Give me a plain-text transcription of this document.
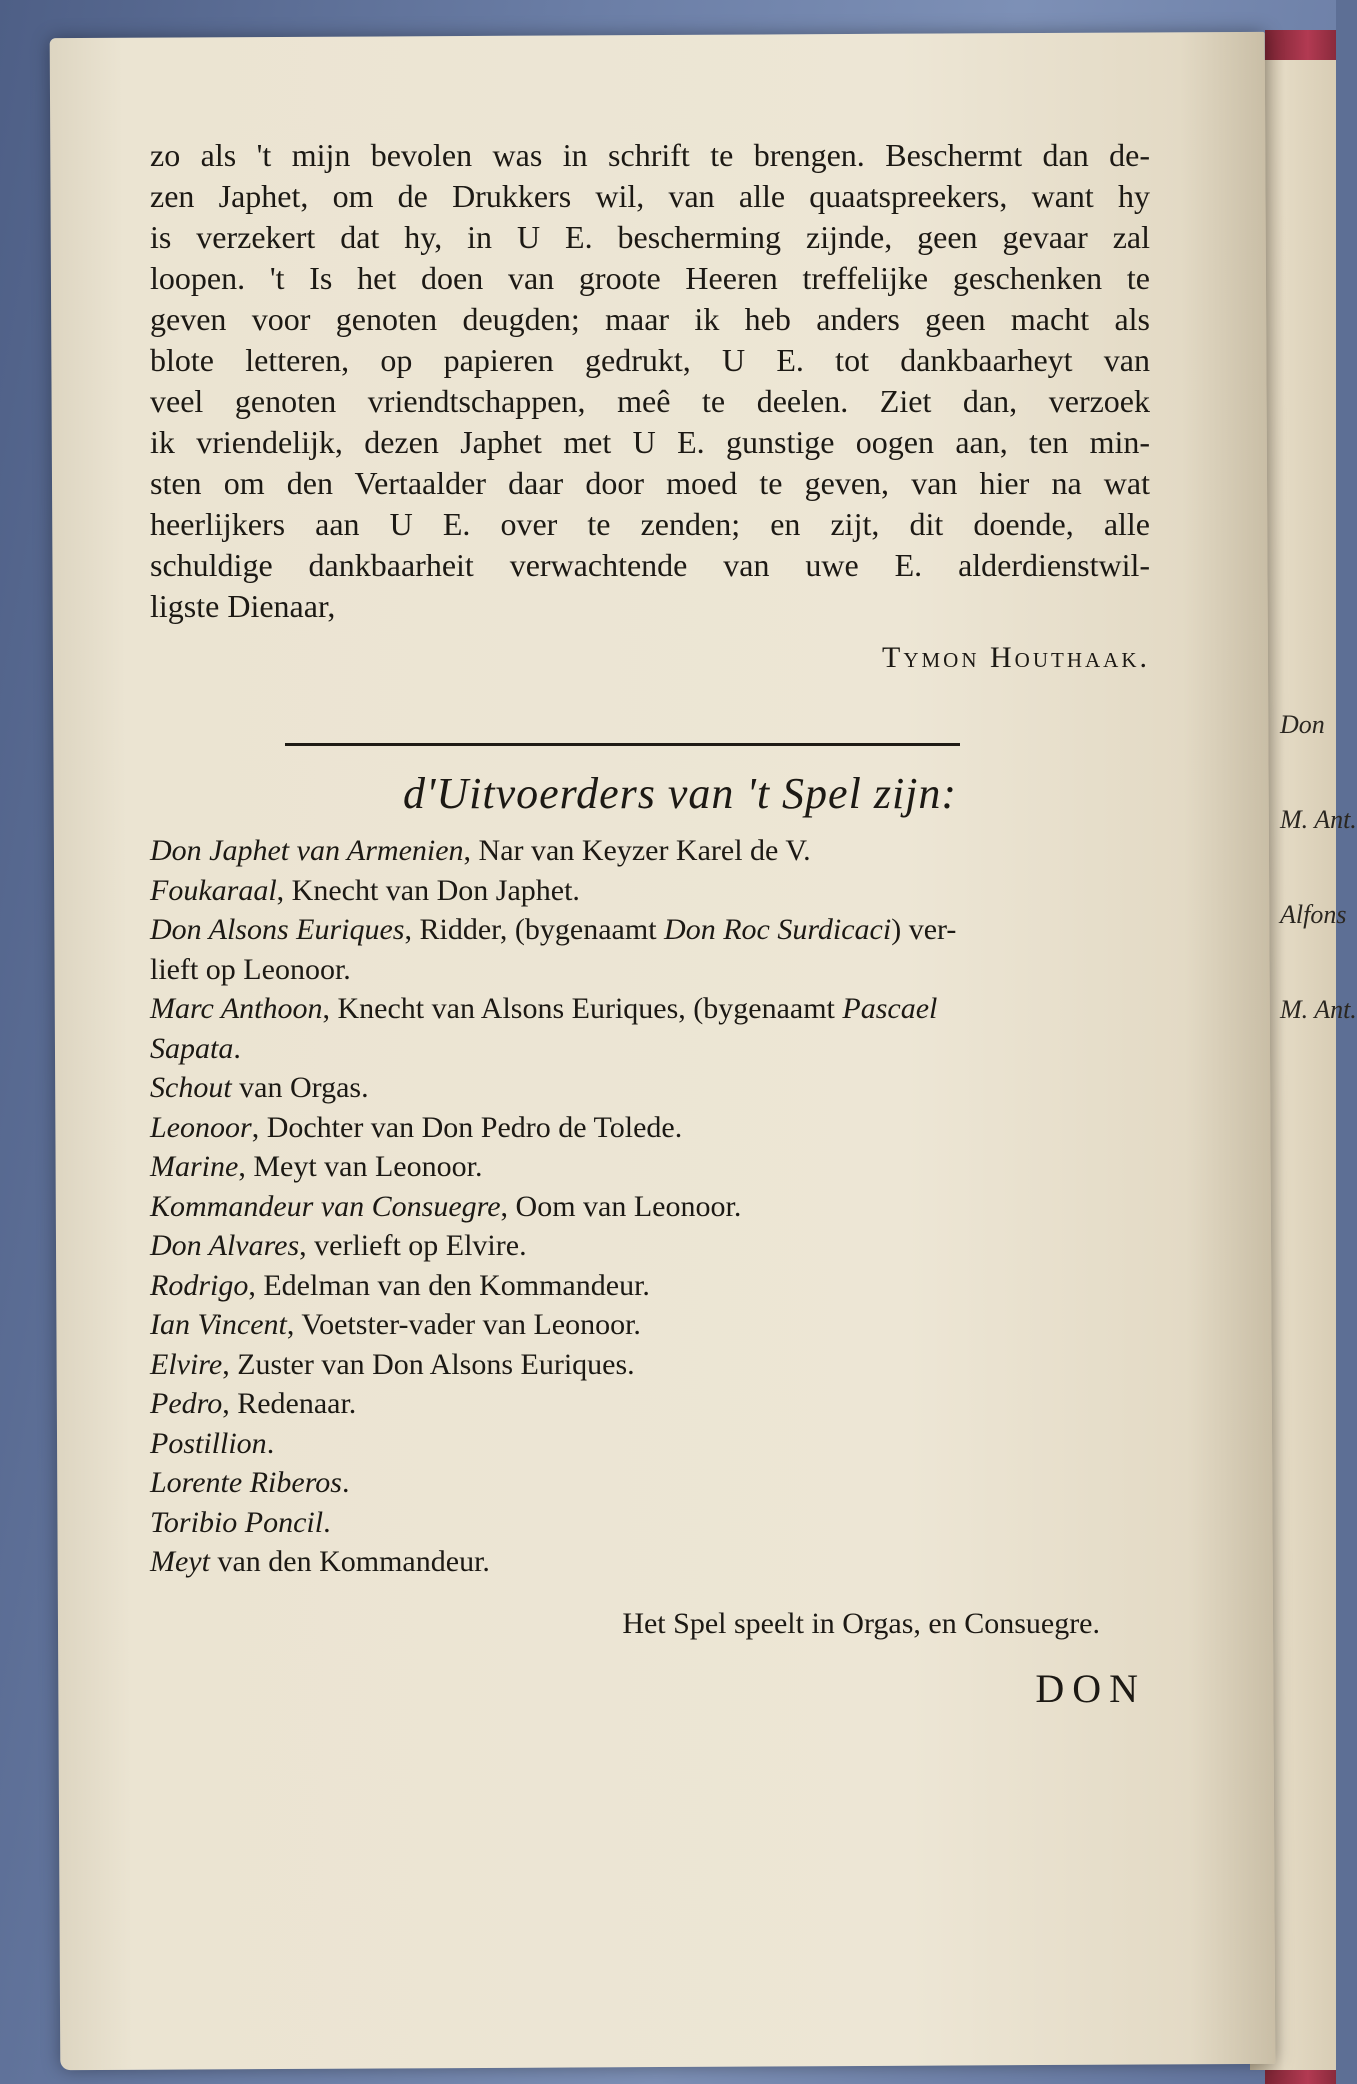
Don
M. Ant.
Alfons
M. Ant.
zo als 't mijn bevolen was in schrift te brengen. Beschermt dan de-
zen Japhet, om de Drukkers wil, van alle quaatspreekers, want hy
is verzekert dat hy, in U E. bescherming zijnde, geen gevaar zal
loopen. 't Is het doen van groote Heeren treffelijke geschenken te
geven voor genoten deugden; maar ik heb anders geen macht als
blote letteren, op papieren gedrukt, U E. tot dankbaarheyt van
veel genoten vriendtschappen, meê te deelen. Ziet dan, verzoek
ik vriendelijk, dezen Japhet met U E. gunstige oogen aan, ten min-
sten om den Vertaalder daar door moed te geven, van hier na wat
heerlijkers aan U E. over te zenden; en zijt, dit doende, alle
schuldige dankbaarheit verwachtende van uwe E. alderdienstwil-
ligste Dienaar,
Tymon Houthaak.
d'Uitvoerders van 't Spel zijn:
Don Japhet van Armenien, Nar van Keyzer Karel de V.
Foukaraal, Knecht van Don Japhet.
Don Alsons Euriques, Ridder, (bygenaamt Don Roc Surdicaci) ver-
lieft op Leonoor.
Marc Anthoon, Knecht van Alsons Euriques, (bygenaamt Pascael
Sapata.
Schout van Orgas.
Leonoor, Dochter van Don Pedro de Tolede.
Marine, Meyt van Leonoor.
Kommandeur van Consuegre, Oom van Leonoor.
Don Alvares, verlieft op Elvire.
Rodrigo, Edelman van den Kommandeur.
Ian Vincent, Voetster-vader van Leonoor.
Elvire, Zuster van Don Alsons Euriques.
Pedro, Redenaar.
Postillion.
Lorente Riberos.
Toribio Poncil.
Meyt van den Kommandeur.
Het Spel speelt in Orgas, en Consuegre.
DON
